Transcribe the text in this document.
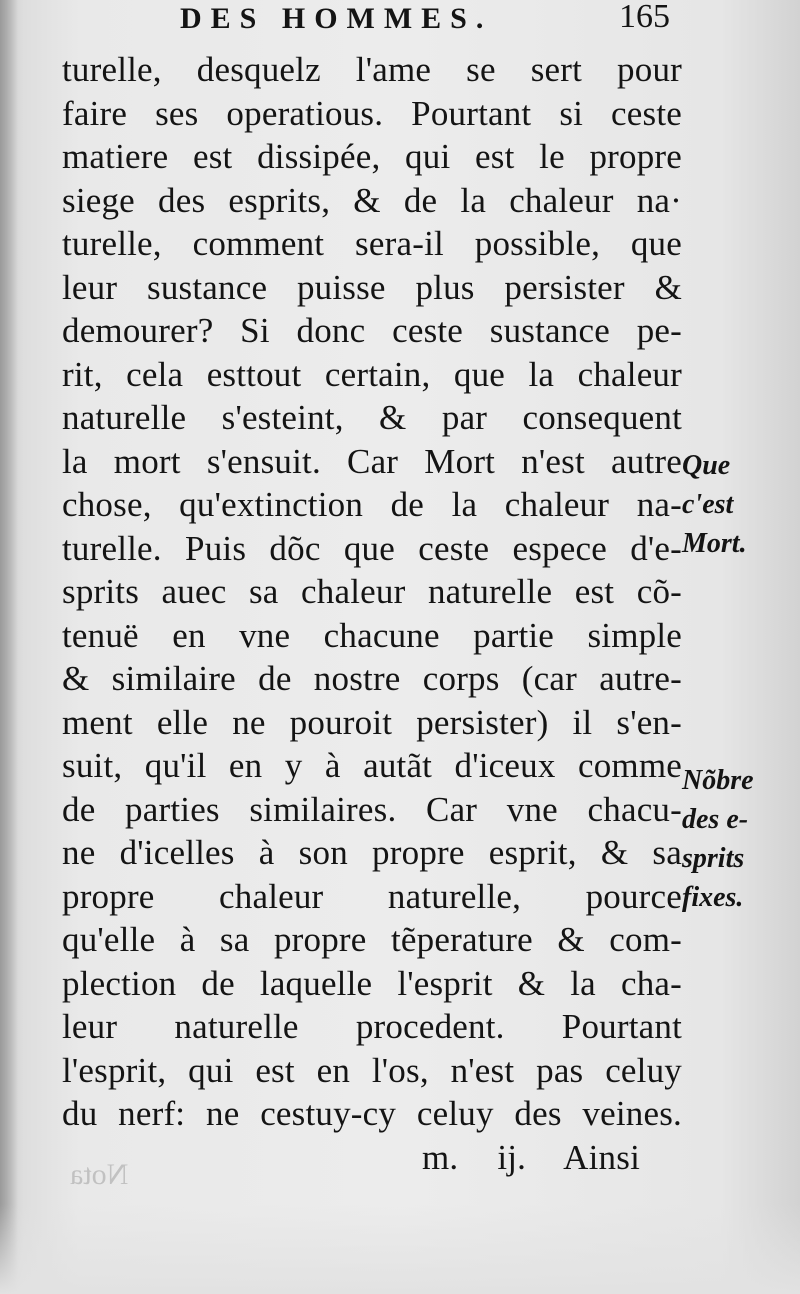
DES HOMMES.	165
turelle, desquelz l'ame se sert pour
faire ses operatious. Pourtant si ceste
matiere est dissipée, qui est le propre
siege des esprits, & de la chaleur na·
turelle, comment sera-il possible, que
leur sustance puisse plus persister &
demourer? Si donc ceste sustance pe-
rit, cela esttout certain, que la chaleur
naturelle s'esteint, & par consequent
la mort s'ensuit. Car Mort n'est autre
chose, qu'extinction de la chaleur na-
turelle. Puis dõc que ceste espece d'e-
sprits auec sa chaleur naturelle est cõ-
tenuë en vne chacune partie simple
& similaire de nostre corps (car autre-
ment elle ne pouroit persister) il s'en-
suit, qu'il en y à autãt d'iceux comme
de parties similaires. Car vne chacu-
ne d'icelles à son propre esprit, & sa
propre chaleur naturelle, pource
qu'elle à sa propre tẽperature & com-
plection de laquelle l'esprit & la cha-
leur naturelle procedent. Pourtant
l'esprit, qui est en l'os, n'est pas celuy
du nerf: ne cestuy-cy celuy des veines.
m. ij. Ainsi
Que
c'est
Mort.
Nõbre
des e-
sprits
fixes.
Nota
